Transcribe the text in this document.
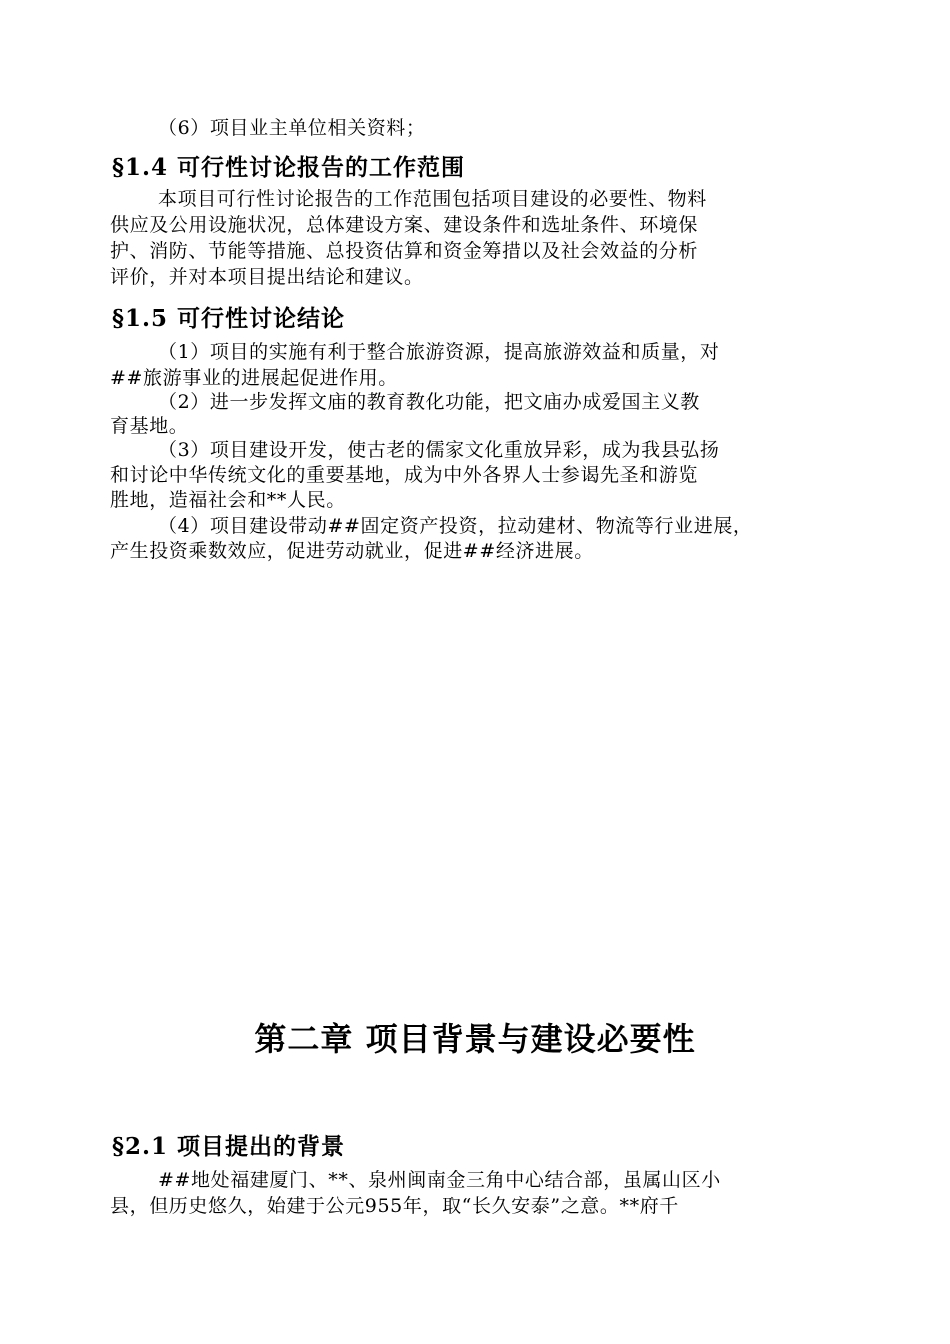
（6）项目业主单位相关资料；
§1.4 可行性讨论报告的工作范围
本项目可行性讨论报告的工作范围包括项目建设的必要性、物料
供应及公用设施状况，总体建设方案、建设条件和选址条件、环境保
护、消防、节能等措施、总投资估算和资金筹措以及社会效益的分析
评价，并对本项目提出结论和建议。
§1.5 可行性讨论结论
（1）项目的实施有利于整合旅游资源，提高旅游效益和质量，对
##旅游事业的进展起促进作用。
（2）进一步发挥文庙的教育教化功能，把文庙办成爱国主义教
育基地。
（3）项目建设开发，使古老的儒家文化重放异彩，成为我县弘扬
和讨论中华传统文化的重要基地，成为中外各界人士参谒先圣和游览
胜地，造福社会和**人民。
（4）项目建设带动##固定资产投资，拉动建材、物流等行业进展，
产生投资乘数效应，促进劳动就业，促进##经济进展。
第二章 项目背景与建设必要性
§2.1 项目提出的背景
##地处福建厦门、**、泉州闽南金三角中心结合部，虽属山区小
县，但历史悠久，始建于公元955年，取“长久安泰”之意。**府千
